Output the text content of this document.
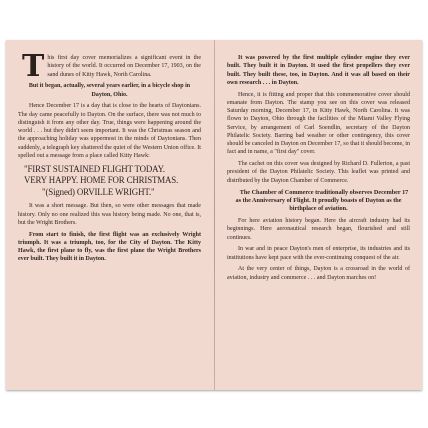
This first day cover memorializes a significant event in the history of the world. It occurred on December 17, 1903, on the sand dunes of Kitty Hawk, North Carolina.

But it began, actually, several years earlier, in a bicycle shop in Dayton, Ohio.

Hence December 17 is a day that is close to the hearts of Daytonians. The day came peacefully to Dayton. On the surface, there was not much to distinguish it from any other day. True, things were happening around the world . . . but they didn't seem important. It was the Christmas season and the approaching holiday was uppermost in the minds of Daytonians. Then suddenly, a telegraph key shattered the quiet of the Western Union office. It spelled out a message from a place called Kitty Hawk:

"FIRST SUSTAINED FLIGHT TODAY.
VERY HAPPY. HOME FOR CHRISTMAS.
"(Signed) ORVILLE WRIGHT."

It was a short message. But then, so were other messages that made history. Only no one realized this was history being made. No one, that is, but the Wright Brothers.

From start to finish, the first flight was an exclusively Wright triumph. It was a triumph, too, for the City of Dayton. The Kitty Hawk, the first plane to fly, was the first plane the Wright Brothers ever built. They built it in Dayton.

It was powered by the first multiple cylinder engine they ever built. They built it in Dayton. It used the first propellers they ever built. They built these, too, in Dayton. And it was all based on their own research . . . in Dayton.

Hence, it is fitting and proper that this commemorative cover should emanate from Dayton. The stamp you see on this cover was released Saturday morning, December 17, in Kitty Hawk, North Carolina. It was flown to Dayton, Ohio through the facilities of the Miami Valley Flying Service, by arrangement of Carl Soendlin, secretary of the Dayton Philatelic Society. Barring bad weather or other contingency, this cover should be canceled in Dayton on December 17, so that it should become, in fact and in name, a "first day" cover.

The cachet on this cover was designed by Richard D. Fullerton, a past president of the Dayton Philatelic Society. This leaflet was printed and distributed by the Dayton Chamber of Commerce.

The Chamber of Commerce traditionally observes December 17 as the Anniversary of Flight. It proudly boasts of Dayton as the birthplace of aviation.

For here aviation history began. Here the aircraft industry had its beginnings. Here aeronautical research began, flourished and still continues.

In war and in peace Dayton's men of enterprise, its industries and its institutions have kept pace with the ever-continuing conquest of the air.

At the very center of things, Dayton is a crossroad in the world of aviation, industry and commerce . . . and Dayton marches on!
